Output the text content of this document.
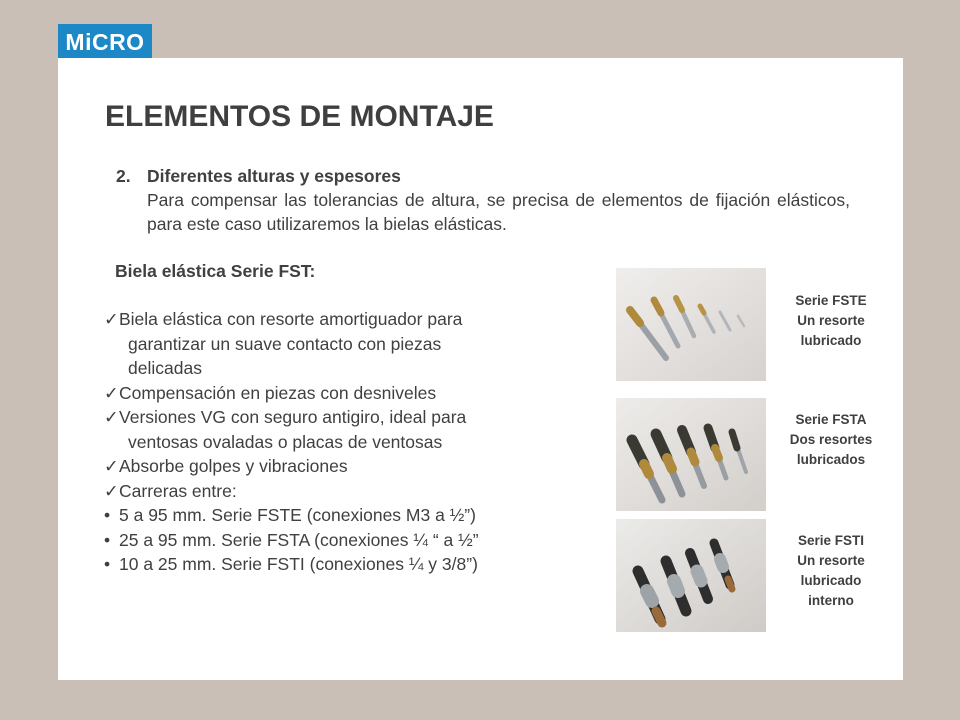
MiCRO
ELEMENTOS DE MONTAJE
2. Diferentes alturas y espesores
Para compensar las tolerancias de altura, se precisa de elementos de fijación elásticos, para este caso utilizaremos la bielas elásticas.
Biela elástica Serie FST:
✓ Biela elástica con resorte amortiguador para
garantizar un suave contacto con piezas
delicadas
✓ Compensación en piezas con desniveles
✓ Versiones VG con seguro antigiro, ideal para
ventosas ovaladas o placas de ventosas
✓ Absorbe golpes y vibraciones
✓ Carreras entre:
• 5 a 95 mm. Serie FSTE (conexiones M3 a ½”)
• 25 a 95 mm. Serie FSTA (conexiones ¼ “ a ½”
• 10 a 25 mm. Serie FSTI (conexiones ¼ y 3/8”)
Serie FSTE
Un resorte
lubricado
Serie FSTA
Dos resortes
lubricados
Serie FSTI
Un resorte
lubricado
interno
